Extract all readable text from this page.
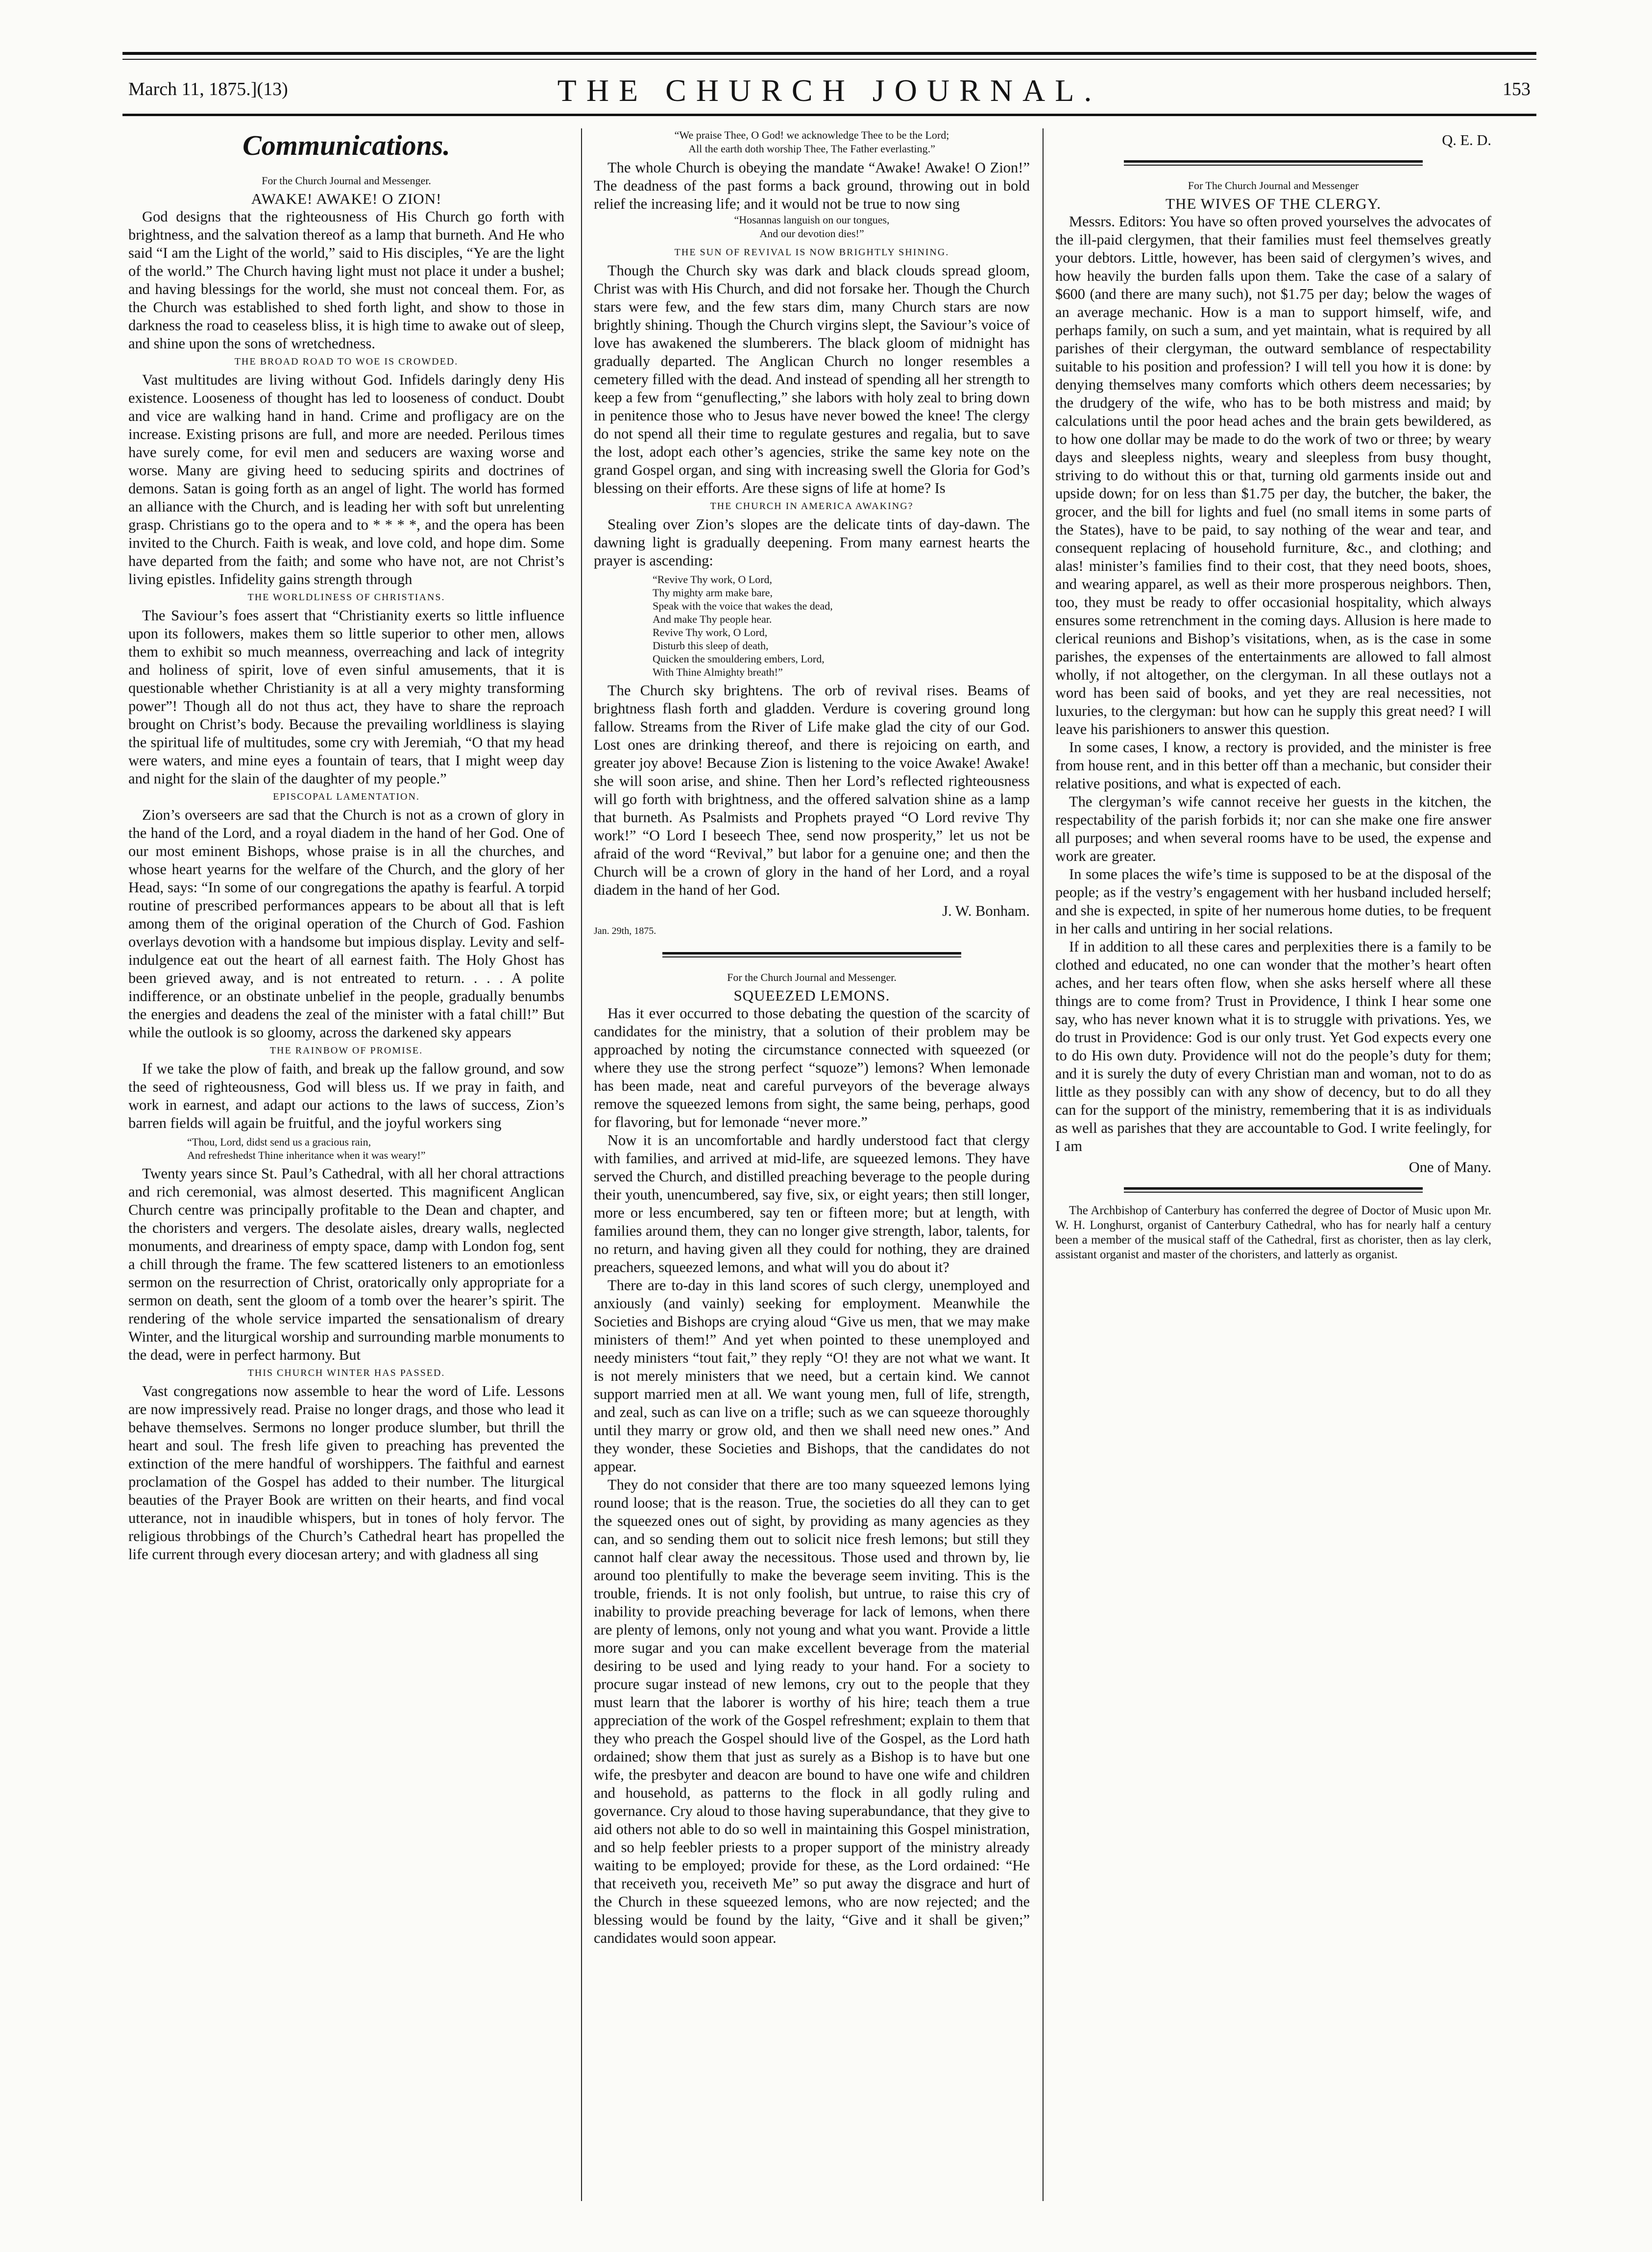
March 11, 1875.](13)	THE CHURCH JOURNAL.	153
Communications.

For the Church Journal and Messenger.

AWAKE! AWAKE! O ZION!

God designs that the righteousness of His Church go forth with brightness, and the salvation thereof as a lamp that burneth. And He who said “I am the Light of the world,” said to His disciples, “Ye are the light of the world.” The Church having light must not place it under a bushel; and having blessings for the world, she must not conceal them. For, as the Church was established to shed forth light, and show to those in darkness the road to ceaseless bliss, it is high time to awake out of sleep, and shine upon the sons of wretchedness.

THE BROAD ROAD TO WOE IS CROWDED.

Vast multitudes are living without God. Infidels daringly deny His existence. Looseness of thought has led to looseness of conduct. Doubt and vice are walking hand in hand. Crime and profligacy are on the increase. Existing prisons are full, and more are needed. Perilous times have surely come, for evil men and seducers are waxing worse and worse. Many are giving heed to seducing spirits and doctrines of demons. Satan is going forth as an angel of light. The world has formed an alliance with the Church, and is leading her with soft but unrelenting grasp. Christians go to the opera and to * * * *, and the opera has been invited to the Church. Faith is weak, and love cold, and hope dim. Some have departed from the faith; and some who have not, are not Christ’s living epistles. Infidelity gains strength through

THE WORLDLINESS OF CHRISTIANS.

The Saviour’s foes assert that “Christianity exerts so little influence upon its followers, makes them so little superior to other men, allows them to exhibit so much meanness, overreaching and lack of integrity and holiness of spirit, love of even sinful amusements, that it is questionable whether Christianity is at all a very mighty transforming power”! Though all do not thus act, they have to share the reproach brought on Christ’s body. Because the prevailing worldliness is slaying the spiritual life of multitudes, some cry with Jeremiah, “O that my head were waters, and mine eyes a fountain of tears, that I might weep day and night for the slain of the daughter of my people.”

EPISCOPAL LAMENTATION.

Zion’s overseers are sad that the Church is not as a crown of glory in the hand of the Lord, and a royal diadem in the hand of her God. One of our most eminent Bishops, whose praise is in all the churches, and whose heart yearns for the welfare of the Church, and the glory of her Head, says: “In some of our congregations the apathy is fearful. A torpid routine of prescribed performances appears to be about all that is left among them of the original operation of the Church of God. Fashion overlays devotion with a handsome but impious display. Levity and self-indulgence eat out the heart of all earnest faith. The Holy Ghost has been grieved away, and is not entreated to return. . . . A polite indifference, or an obstinate unbelief in the people, gradually benumbs the energies and deadens the zeal of the minister with a fatal chill!” But while the outlook is so gloomy, across the darkened sky appears

THE RAINBOW OF PROMISE.

If we take the plow of faith, and break up the fallow ground, and sow the seed of righteousness, God will bless us. If we pray in faith, and work in earnest, and adapt our actions to the laws of success, Zion’s barren fields will again be fruitful, and the joyful workers sing

“Thou, Lord, didst send us a gracious rain,
And refreshedst Thine inheritance when it was weary!”

Twenty years since St. Paul’s Cathedral, with all her choral attractions and rich ceremonial, was almost deserted. This magnificent Anglican Church centre was principally profitable to the Dean and chapter, and the choristers and vergers. The desolate aisles, dreary walls, neglected monuments, and dreariness of empty space, damp with London fog, sent a chill through the frame. The few scattered listeners to an emotionless sermon on the resurrection of Christ, oratorically only appropriate for a sermon on death, sent the gloom of a tomb over the hearer’s spirit. The rendering of the whole service imparted the sensationalism of dreary Winter, and the liturgical worship and surrounding marble monuments to the dead, were in perfect harmony. But

THIS CHURCH WINTER HAS PASSED.

Vast congregations now assemble to hear the word of Life. Lessons are now impressively read. Praise no longer drags, and those who lead it behave themselves. Sermons no longer produce slumber, but thrill the heart and soul. The fresh life given to preaching has prevented the extinction of the mere handful of worshippers. The faithful and earnest proclamation of the Gospel has added to their number. The liturgical beauties of the Prayer Book are written on their hearts, and find vocal utterance, not in inaudible whispers, but in tones of holy fervor. The religious throbbings of the Church’s Cathedral heart has propelled the life current through every diocesan artery; and with gladness all sing

“We praise Thee, O God! we acknowledge Thee to be the Lord;
All the earth doth worship Thee, The Father everlasting.”

The whole Church is obeying the mandate “Awake! Awake! O Zion!” The deadness of the past forms a back ground, throwing out in bold relief the increasing life; and it would not be true to now sing

“Hosannas languish on our tongues,
And our devotion dies!”

THE SUN OF REVIVAL IS NOW BRIGHTLY SHINING.

Though the Church sky was dark and black clouds spread gloom, Christ was with His Church, and did not forsake her. Though the Church stars were few, and the few stars dim, many Church stars are now brightly shining. Though the Church virgins slept, the Saviour’s voice of love has awakened the slumberers. The black gloom of midnight has gradually departed. The Anglican Church no longer resembles a cemetery filled with the dead. And instead of spending all her strength to keep a few from “genuflecting,” she labors with holy zeal to bring down in penitence those who to Jesus have never bowed the knee! The clergy do not spend all their time to regulate gestures and regalia, but to save the lost, adopt each other’s agencies, strike the same key note on the grand Gospel organ, and sing with increasing swell the Gloria for God’s blessing on their efforts. Are these signs of life at home? Is

THE CHURCH IN AMERICA AWAKING?

Stealing over Zion’s slopes are the delicate tints of day-dawn. The dawning light is gradually deepening. From many earnest hearts the prayer is ascending:

“Revive Thy work, O Lord,
Thy mighty arm make bare,
Speak with the voice that wakes the dead,
And make Thy people hear.
Revive Thy work, O Lord,
Disturb this sleep of death,
Quicken the smouldering embers, Lord,
With Thine Almighty breath!”

The Church sky brightens. The orb of revival rises. Beams of brightness flash forth and gladden. Verdure is covering ground long fallow. Streams from the River of Life make glad the city of our God. Lost ones are drinking thereof, and there is rejoicing on earth, and greater joy above! Because Zion is listening to the voice Awake! Awake! she will soon arise, and shine. Then her Lord’s reflected righteousness will go forth with brightness, and the offered salvation shine as a lamp that burneth. As Psalmists and Prophets prayed “O Lord revive Thy work!” “O Lord I beseech Thee, send now prosperity,” let us not be afraid of the word “Revival,” but labor for a genuine one; and then the Church will be a crown of glory in the hand of her Lord, and a royal diadem in the hand of her God.

J. W. Bonham.
Jan. 29th, 1875.

For the Church Journal and Messenger.

SQUEEZED LEMONS.

Has it ever occurred to those debating the question of the scarcity of candidates for the ministry, that a solution of their problem may be approached by noting the circumstance connected with squeezed (or where they use the strong perfect “squoze”) lemons? When lemonade has been made, neat and careful purveyors of the beverage always remove the squeezed lemons from sight, the same being, perhaps, good for flavoring, but for lemonade “never more.”

Now it is an uncomfortable and hardly understood fact that clergy with families, and arrived at mid-life, are squeezed lemons. They have served the Church, and distilled preaching beverage to the people during their youth, unencumbered, say five, six, or eight years; then still longer, more or less encumbered, say ten or fifteen more; but at length, with families around them, they can no longer give strength, labor, talents, for no return, and having given all they could for nothing, they are drained preachers, squeezed lemons, and what will you do about it?

There are to-day in this land scores of such clergy, unemployed and anxiously (and vainly) seeking for employment. Meanwhile the Societies and Bishops are crying aloud “Give us men, that we may make ministers of them!” And yet when pointed to these unemployed and needy ministers “tout fait,” they reply “O! they are not what we want. It is not merely ministers that we need, but a certain kind. We cannot support married men at all. We want young men, full of life, strength, and zeal, such as can live on a trifle; such as we can squeeze thoroughly until they marry or grow old, and then we shall need new ones.” And they wonder, these Societies and Bishops, that the candidates do not appear.

They do not consider that there are too many squeezed lemons lying round loose; that is the reason. True, the societies do all they can to get the squeezed ones out of sight, by providing as many agencies as they can, and so sending them out to solicit nice fresh lemons; but still they cannot half clear away the necessitous. Those used and thrown by, lie around too plentifully to make the beverage seem inviting. This is the trouble, friends. It is not only foolish, but untrue, to raise this cry of inability to provide preaching beverage for lack of lemons, when there are plenty of lemons, only not young and what you want. Provide a little more sugar and you can make excellent beverage from the material desiring to be used and lying ready to your hand. For a society to procure sugar instead of new lemons, cry out to the people that they must learn that the laborer is worthy of his hire; teach them a true appreciation of the work of the Gospel refreshment; explain to them that they who preach the Gospel should live of the Gospel, as the Lord hath ordained; show them that just as surely as a Bishop is to have but one wife, the presbyter and deacon are bound to have one wife and children and household, as patterns to the flock in all godly ruling and governance. Cry aloud to those having superabundance, that they give to aid others not able to do so well in maintaining this Gospel ministration, and so help feebler priests to a proper support of the ministry already waiting to be employed; provide for these, as the Lord ordained: “He that receiveth you, receiveth Me” so put away the disgrace and hurt of the Church in these squeezed lemons, who are now rejected; and the blessing would be found by the laity, “Give and it shall be given;” candidates would soon appear.

Q. E. D.

For The Church Journal and Messenger

THE WIVES OF THE CLERGY.

Messrs. Editors: You have so often proved yourselves the advocates of the ill-paid clergymen, that their families must feel themselves greatly your debtors. Little, however, has been said of clergymen’s wives, and how heavily the burden falls upon them. Take the case of a salary of $600 (and there are many such), not $1.75 per day; below the wages of an average mechanic. How is a man to support himself, wife, and perhaps family, on such a sum, and yet maintain, what is required by all parishes of their clergyman, the outward semblance of respectability suitable to his position and profession? I will tell you how it is done: by denying themselves many comforts which others deem necessaries; by the drudgery of the wife, who has to be both mistress and maid; by calculations until the poor head aches and the brain gets bewildered, as to how one dollar may be made to do the work of two or three; by weary days and sleepless nights, weary and sleepless from busy thought, striving to do without this or that, turning old garments inside out and upside down; for on less than $1.75 per day, the butcher, the baker, the grocer, and the bill for lights and fuel (no small items in some parts of the States), have to be paid, to say nothing of the wear and tear, and consequent replacing of household furniture, &c., and clothing; and alas! minister’s families find to their cost, that they need boots, shoes, and wearing apparel, as well as their more prosperous neighbors. Then, too, they must be ready to offer occasionial hospitality, which always ensures some retrenchment in the coming days. Allusion is here made to clerical reunions and Bishop’s visitations, when, as is the case in some parishes, the expenses of the entertainments are allowed to fall almost wholly, if not altogether, on the clergyman. In all these outlays not a word has been said of books, and yet they are real necessities, not luxuries, to the clergyman: but how can he supply this great need? I will leave his parishioners to answer this question.

In some cases, I know, a rectory is provided, and the minister is free from house rent, and in this better off than a mechanic, but consider their relative positions, and what is expected of each.

The clergyman’s wife cannot receive her guests in the kitchen, the respectability of the parish forbids it; nor can she make one fire answer all purposes; and when several rooms have to be used, the expense and work are greater.

In some places the wife’s time is supposed to be at the disposal of the people; as if the vestry’s engagement with her husband included herself; and she is expected, in spite of her numerous home duties, to be frequent in her calls and untiring in her social relations.

If in addition to all these cares and perplexities there is a family to be clothed and educated, no one can wonder that the mother’s heart often aches, and her tears often flow, when she asks herself where all these things are to come from? Trust in Providence, I think I hear some one say, who has never known what it is to struggle with privations. Yes, we do trust in Providence: God is our only trust. Yet God expects every one to do His own duty. Providence will not do the people’s duty for them; and it is surely the duty of every Christian man and woman, not to do as little as they possibly can with any show of decency, but to do all they can for the support of the ministry, remembering that it is as individuals as well as parishes that they are accountable to God. I write feelingly, for I am

One of Many.

The Archbishop of Canterbury has conferred the degree of Doctor of Music upon Mr. W. H. Longhurst, organist of Canterbury Cathedral, who has for nearly half a century been a member of the musical staff of the Cathedral, first as chorister, then as lay clerk, assistant organist and master of the choristers, and latterly as organist.
